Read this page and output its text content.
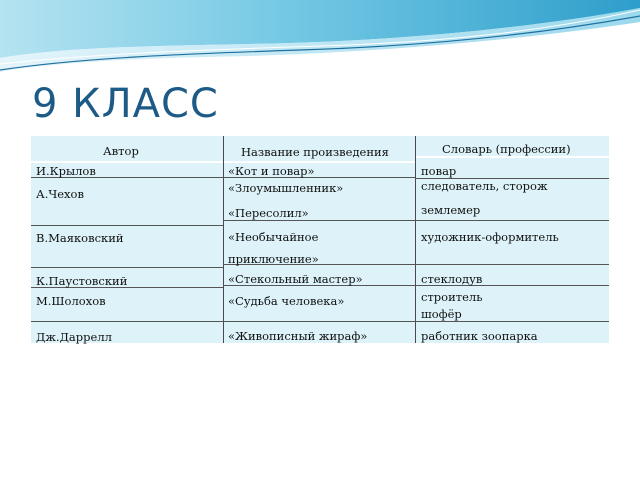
9 КЛАСС
Автор	Название произведения	Словарь (профессии)
И.Крылов
А.Чехов
В.Маяковский
К.Паустовский
М.Шолохов
Дж.Даррелл
«Кот и повар»
«Злоумышленник»
«Пересолил»
«Необычайное
приключение»
«Стекольный мастер»
«Судьба человека»
«Живописный жираф»
повар
следователь, сторож
землемер
художник-оформитель
стеклодув
строитель
шофёр
работник зоопарка
